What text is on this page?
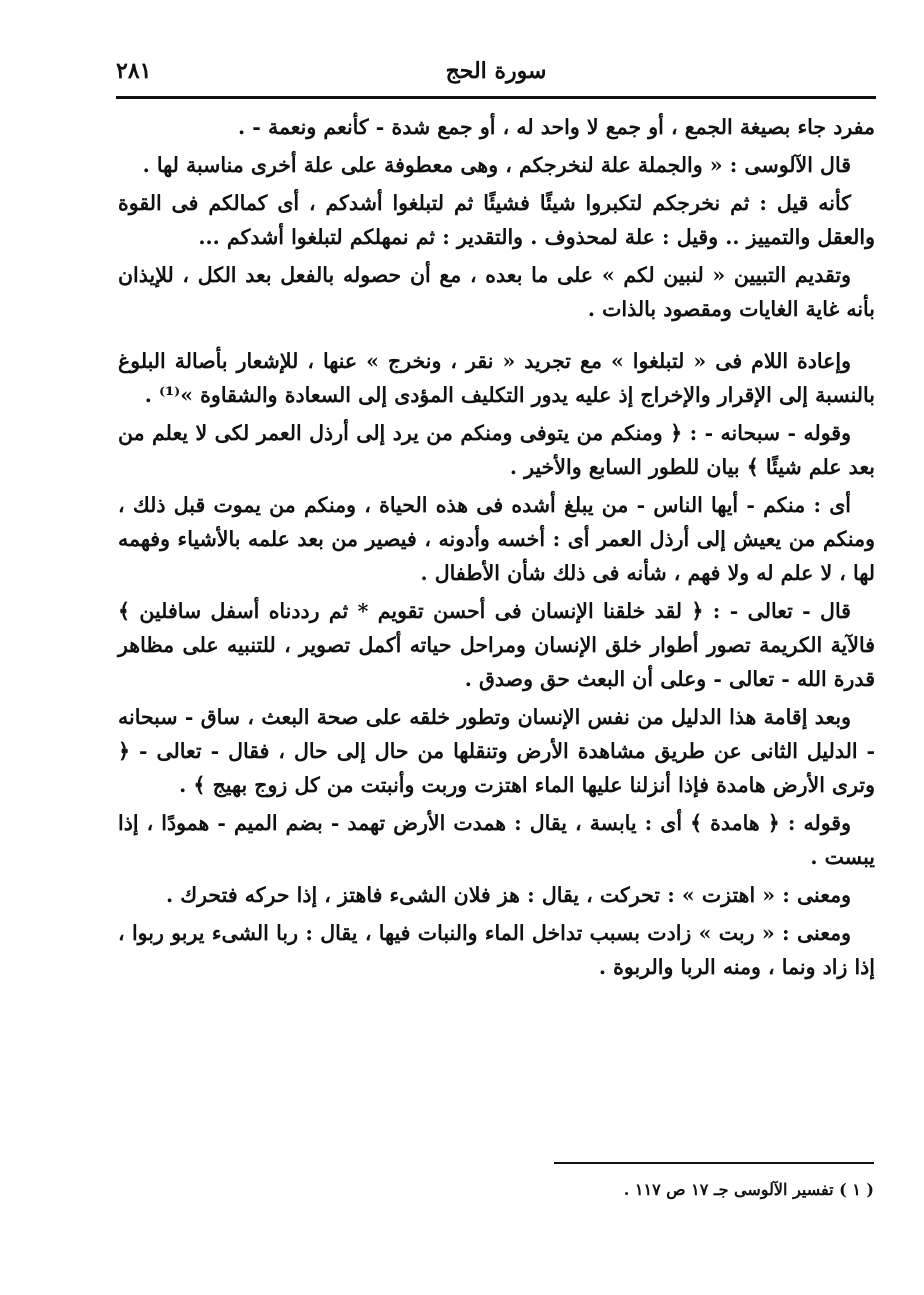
٢٨١	سورة الحج

مفرد جاء بصيغة الجمع ، أو جمع لا واحد له ، أو جمع شدة - كأنعم ونعمة - .

قال الآلوسى : « والجملة علة لنخرجكم ، وهى معطوفة على علة أخرى مناسبة لها .

كأنه قيل : ثم نخرجكم لتكبروا شيئًا فشيئًا ثم لتبلغوا أشدكم ، أى كمالكم فى القوة والعقل والتمييز .. وقيل : علة لمحذوف . والتقدير : ثم نمهلكم لتبلغوا أشدكم ...

وتقديم التبيين « لنبين لكم » على ما بعده ، مع أن حصوله بالفعل بعد الكل ، للإيذان بأنه غاية الغايات ومقصود بالذات .

وإعادة اللام فى « لتبلغوا » مع تجريد « نقر ، ونخرج » عنها ، للإشعار بأصالة البلوغ بالنسبة إلى الإقرار والإخراج إذ عليه يدور التكليف المؤدى إلى السعادة والشقاوة »⁽¹⁾ .

وقوله - سبحانه - : ﴿ ومنكم من يتوفى ومنكم من يرد إلى أرذل العمر لكى لا يعلم من بعد علم شيئًا ﴾ بيان للطور السابع والأخير .

أى : منكم - أيها الناس - من يبلغ أشده فى هذه الحياة ، ومنكم من يموت قبل ذلك ، ومنكم من يعيش إلى أرذل العمر أى : أخسه وأدونه ، فيصير من بعد علمه بالأشياء وفهمه لها ، لا علم له ولا فهم ، شأنه فى ذلك شأن الأطفال .

قال - تعالى - : ﴿ لقد خلقنا الإنسان فى أحسن تقويم * ثم رددناه أسفل سافلين ﴾ فالآية الكريمة تصور أطوار خلق الإنسان ومراحل حياته أكمل تصوير ، للتنبيه على مظاهر قدرة الله - تعالى - وعلى أن البعث حق وصدق .

وبعد إقامة هذا الدليل من نفس الإنسان وتطور خلقه على صحة البعث ، ساق - سبحانه - الدليل الثانى عن طريق مشاهدة الأرض وتنقلها من حال إلى حال ، فقال - تعالى - ﴿ وترى الأرض هامدة فإذا أنزلنا عليها الماء اهتزت وربت وأنبتت من كل زوج بهيج ﴾ .

وقوله : ﴿ هامدة ﴾ أى : يابسة ، يقال : همدت الأرض تهمد - بضم الميم - همودًا ، إذا يبست .

ومعنى : « اهتزت » : تحركت ، يقال : هز فلان الشىء فاهتز ، إذا حركه فتحرك .

ومعنى : « ربت » زادت بسبب تداخل الماء والنبات فيها ، يقال : ربا الشىء يربو ربوا ، إذا زاد ونما ، ومنه الربا والربوة .

( ١ ) تفسير الآلوسى جـ ١٧ ص ١١٧ .
